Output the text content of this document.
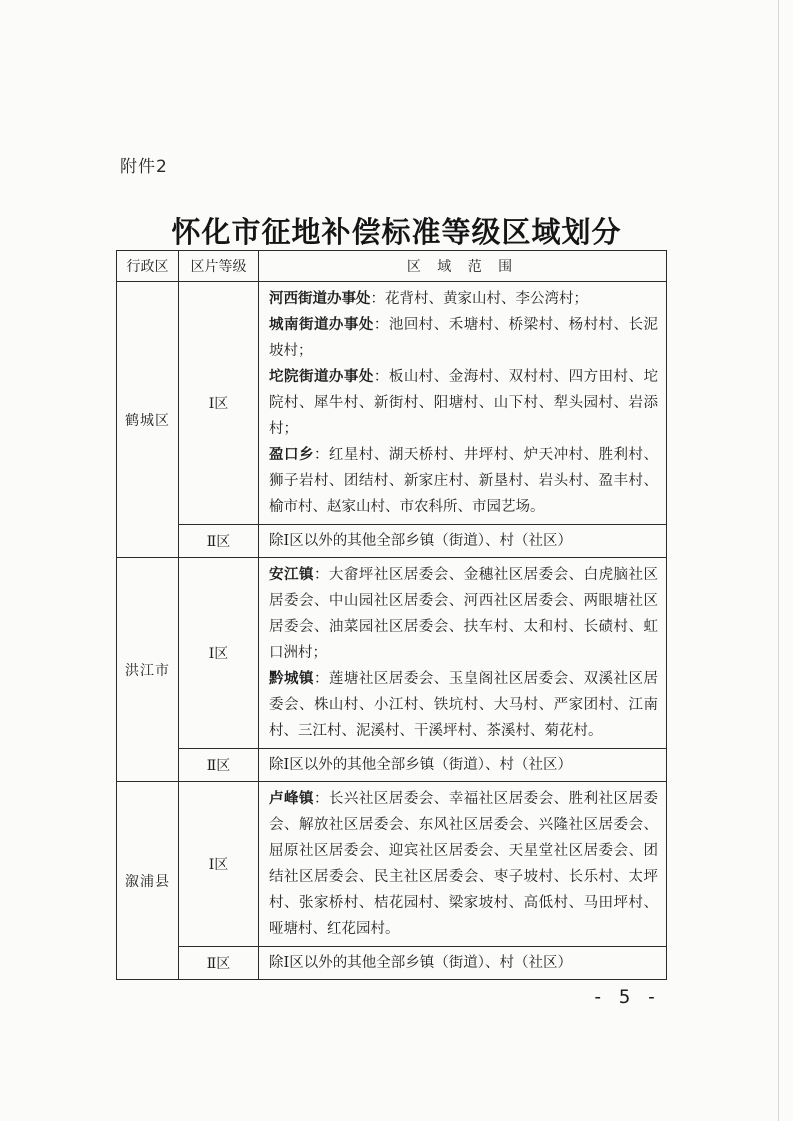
附件2
怀化市征地补偿标准等级区域划分
行政区	区片等级	区 域 范 围
鹤城区	Ⅰ区	河西街道办事处：花背村、黄家山村、李公湾村；

城南街道办事处：池回村、禾塘村、桥梁村、杨村村、长泥坡村；

坨院街道办事处：板山村、金海村、双村村、四方田村、坨院村、犀牛村、新街村、阳塘村、山下村、犁头园村、岩添村；

盈口乡：红星村、湖天桥村、井坪村、炉天冲村、胜利村、狮子岩村、团结村、新家庄村、新垦村、岩头村、盈丰村、榆市村、赵家山村、市农科所、市园艺场。

	Ⅱ区	除Ⅰ区以外的其他全部乡镇（街道）、村（社区）
洪江市	Ⅰ区	安江镇：大畲坪社区居委会、金穗社区居委会、白虎脑社区居委会、中山园社区居委会、河西社区居委会、两眼塘社区居委会、油菜园社区居委会、扶车村、太和村、长碛村、虹口洲村；

黔城镇：莲塘社区居委会、玉皇阁社区居委会、双溪社区居委会、株山村、小江村、铁坑村、大马村、严家团村、江南村、三江村、泥溪村、干溪坪村、茶溪村、菊花村。

	Ⅱ区	除Ⅰ区以外的其他全部乡镇（街道）、村（社区）
溆浦县	Ⅰ区	卢峰镇：长兴社区居委会、幸福社区居委会、胜利社区居委会、解放社区居委会、东风社区居委会、兴隆社区居委会、屈原社区居委会、迎宾社区居委会、天星堂社区居委会、团结社区居委会、民主社区居委会、枣子坡村、长乐村、太坪村、张家桥村、桔花园村、梁家坡村、高低村、马田坪村、哑塘村、红花园村。

	Ⅱ区	除Ⅰ区以外的其他全部乡镇（街道）、村（社区）
- 5 -
